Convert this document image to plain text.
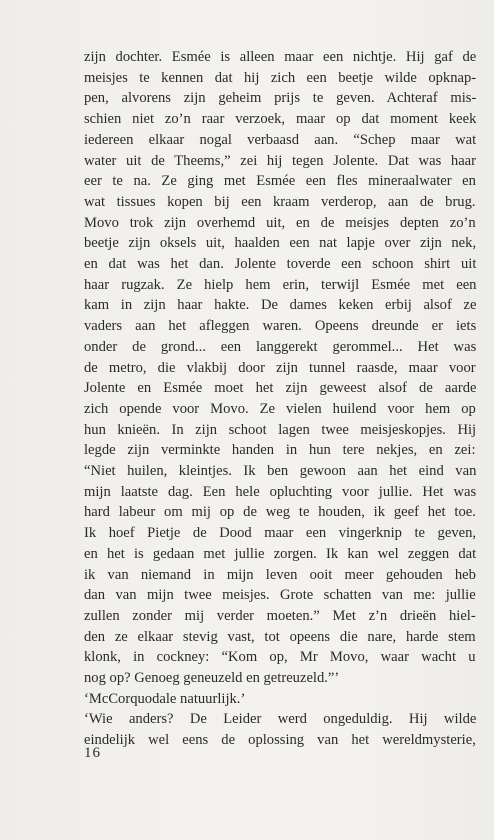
zijn dochter. Esmée is alleen maar een nichtje. Hij gaf de
meisjes te kennen dat hij zich een beetje wilde opknap-
pen, alvorens zijn geheim prijs te geven. Achteraf mis-
schien niet zo’n raar verzoek, maar op dat moment keek
iedereen elkaar nogal verbaasd aan. “Schep maar wat
water uit de Theems,” zei hij tegen Jolente. Dat was haar
eer te na. Ze ging met Esmée een fles mineraalwater en
wat tissues kopen bij een kraam verderop, aan de brug.
Movo trok zijn overhemd uit, en de meisjes depten zo’n
beetje zijn oksels uit, haalden een nat lapje over zijn nek,
en dat was het dan. Jolente toverde een schoon shirt uit
haar rugzak. Ze hielp hem erin, terwijl Esmée met een
kam in zijn haar hakte. De dames keken erbij alsof ze
vaders aan het afleggen waren. Opeens dreunde er iets
onder de grond... een langgerekt gerommel... Het was
de metro, die vlakbij door zijn tunnel raasde, maar voor
Jolente en Esmée moet het zijn geweest alsof de aarde
zich opende voor Movo. Ze vielen huilend voor hem op
hun knieën. In zijn schoot lagen twee meisjeskopjes. Hij
legde zijn verminkte handen in hun tere nekjes, en zei:
“Niet huilen, kleintjes. Ik ben gewoon aan het eind van
mijn laatste dag. Een hele opluchting voor jullie. Het was
hard labeur om mij op de weg te houden, ik geef het toe.
Ik hoef Pietje de Dood maar een vingerknip te geven,
en het is gedaan met jullie zorgen. Ik kan wel zeggen dat
ik van niemand in mijn leven ooit meer gehouden heb
dan van mijn twee meisjes. Grote schatten van me: jullie
zullen zonder mij verder moeten.” Met z’n drieën hiel-
den ze elkaar stevig vast, tot opeens die nare, harde stem
klonk, in cockney: “Kom op, Mr Movo, waar wacht u
nog op? Genoeg geneuzeld en getreuzeld.”’
‘McCorquodale natuurlijk.’
‘Wie anders? De Leider werd ongeduldig. Hij wilde
eindelijk wel eens de oplossing van het wereldmysterie,
16
